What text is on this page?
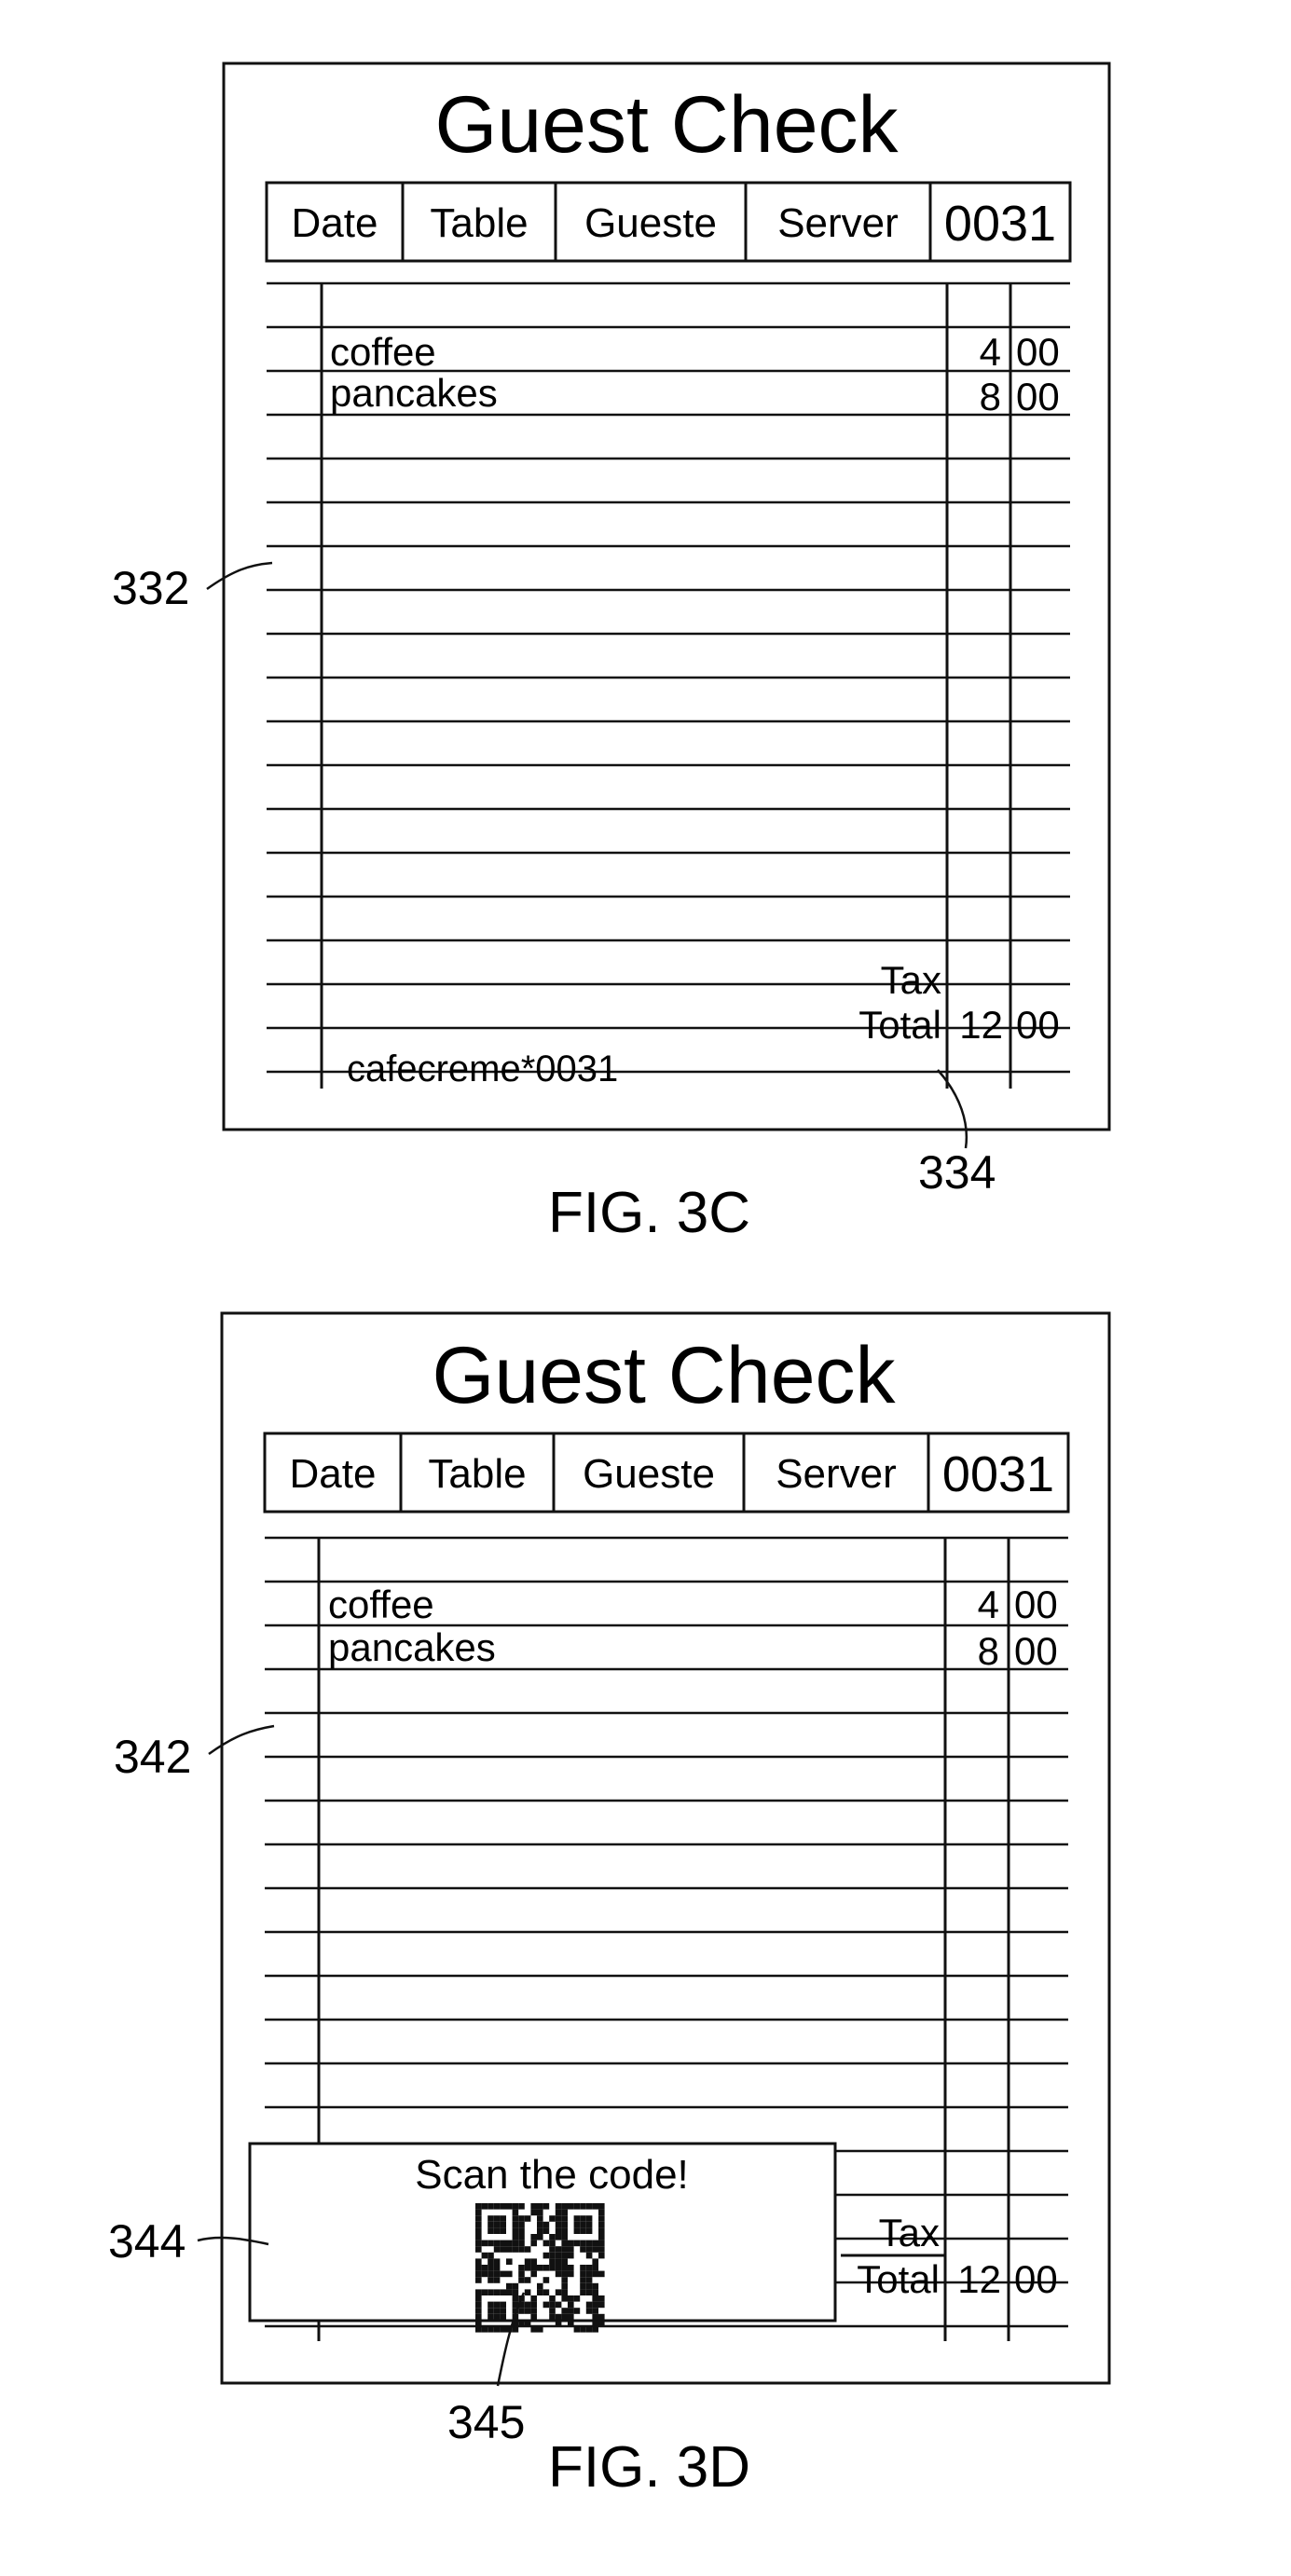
Guest Check
Date Table Gueste Server 0031
coffee	4 00
pancakes	8 00
Tax
Total 12 00
cafecreme*0031
332
334
FIG. 3C
Guest Check
Date Table Gueste Server 0031
coffee	4 00
pancakes	8 00
Tax
Total 12 00
Scan the code!
342
344
345
FIG. 3D
